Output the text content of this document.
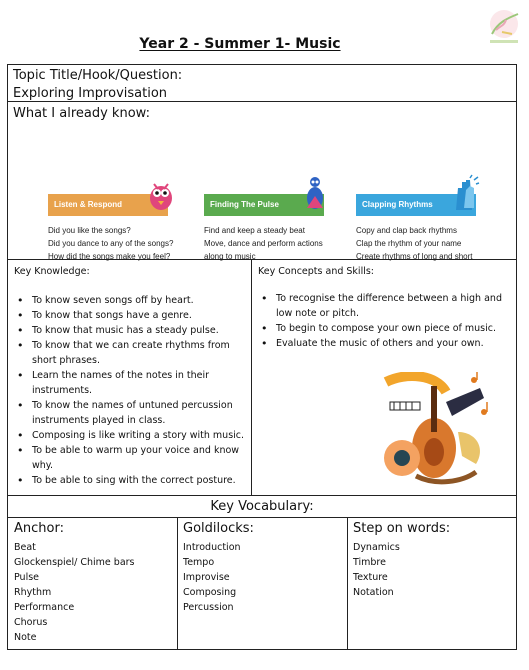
Year 2 - Summer 1- Music
Topic Title/Hook/Question:
Exploring Improvisation
What I already know:
Listen & Respond
Did you like the songs?
Did you dance to any of the songs?
How did the songs make you feel?
Finding The Pulse
Find and keep a steady beat
Move, dance and perform actions
along to music
Clapping Rhythms
Copy and clap back rhythms
Clap the rhythm of your name
Create rhythms of long and short
Key Knowledge:
• To know seven songs off by heart.
• To know that songs have a genre.
• To know that music has a steady pulse.
• To know that we can create rhythms from short phrases.
• Learn the names of the notes in their instruments.
• To know the names of untuned percussion instruments played in class.
• Composing is like writing a story with music.
• To be able to warm up your voice and know why.
• To be able to sing with the correct posture.
Key Concepts and Skills:
• To recognise the difference between a high and low note or pitch.
• To begin to compose your own piece of music.
• Evaluate the music of others and your own.
Key Vocabulary:
Anchor:
Beat
Glockenspiel/ Chime bars
Pulse
Rhythm
Performance
Chorus
Note
Goldilocks:
Introduction
Tempo
Improvise
Composing
Percussion
Step on words:
Dynamics
Timbre
Texture
Notation
